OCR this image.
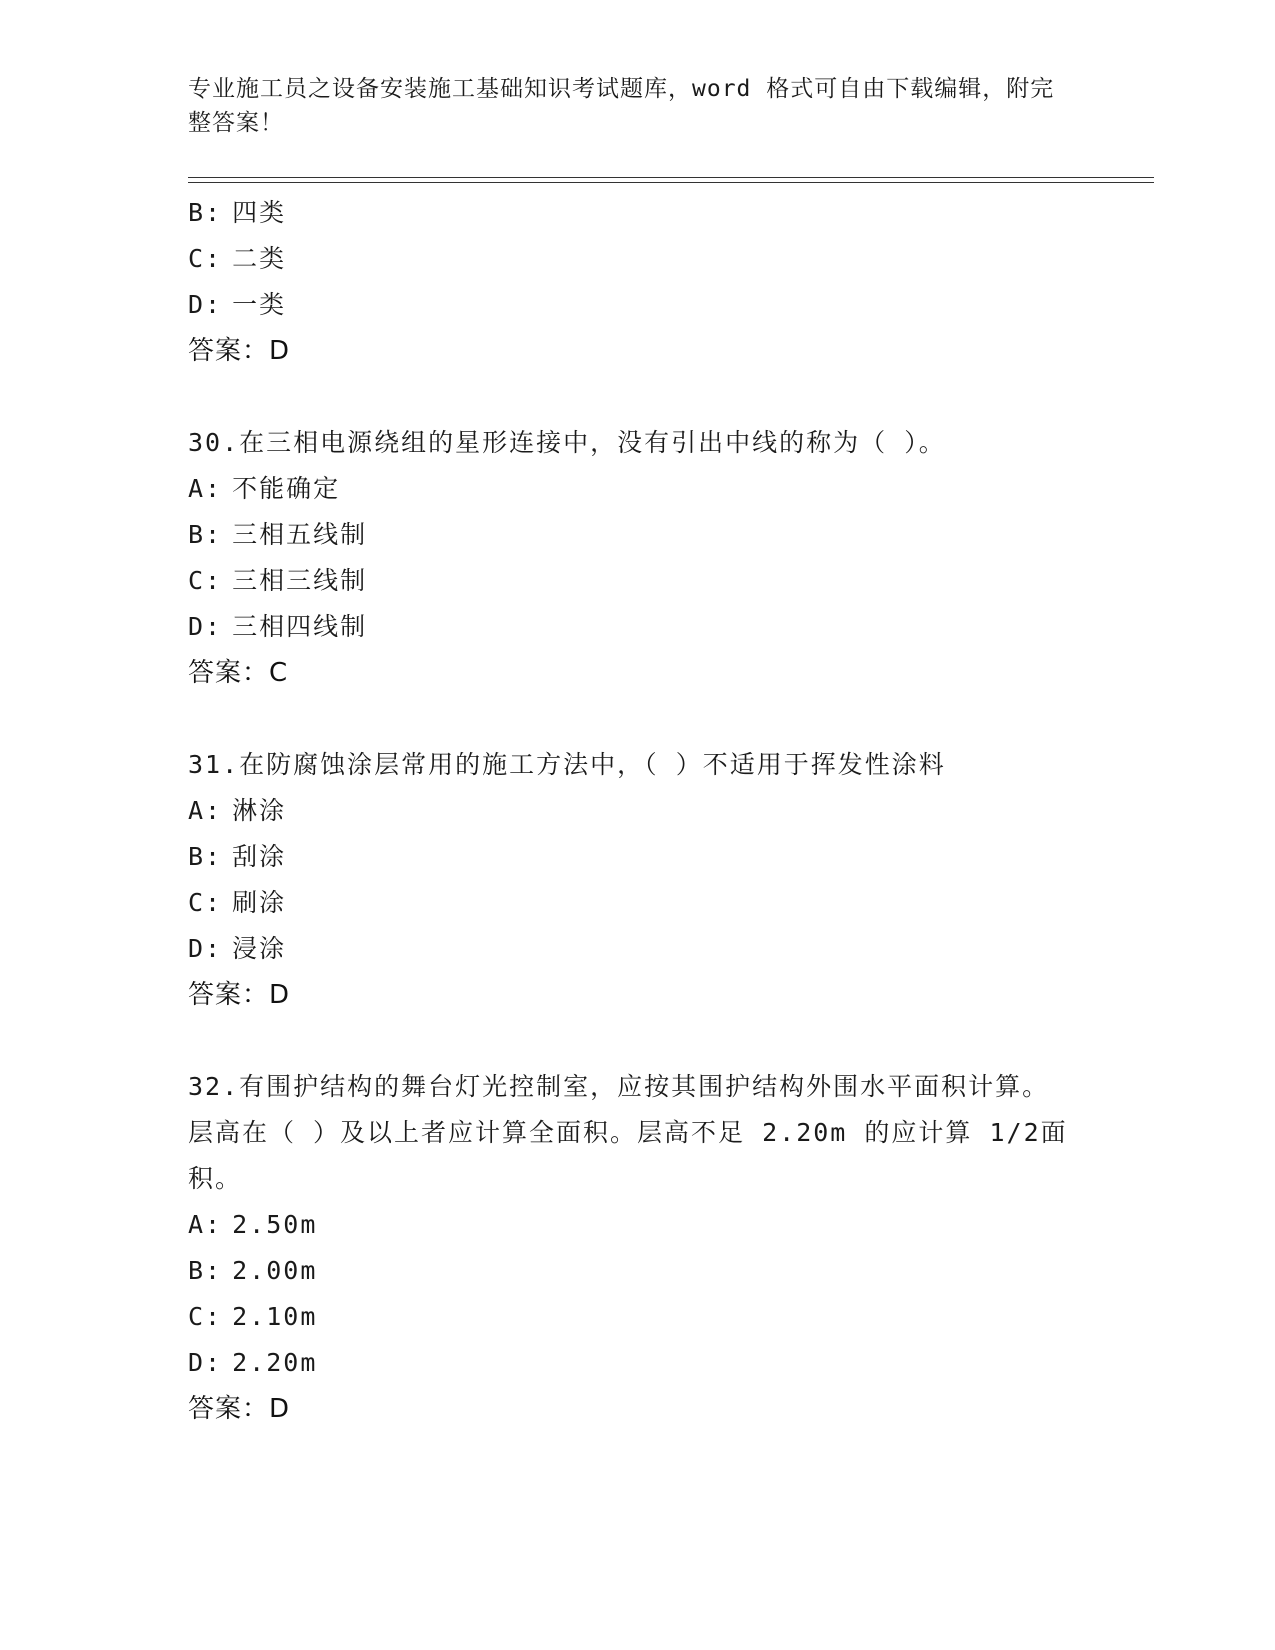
专业施工员之设备安装施工基础知识考试题库，word 格式可自由下载编辑，附完整答案！
B: 四类
C: 二类
D: 一类
答案：D
30.在三相电源绕组的星形连接中，没有引出中线的称为（ ）。
A: 不能确定
B: 三相五线制
C: 三相三线制
D: 三相四线制
答案：C
31.在防腐蚀涂层常用的施工方法中，（ ）不适用于挥发性涂料
A: 淋涂
B: 刮涂
C: 刷涂
D: 浸涂
答案：D
32.有围护结构的舞台灯光控制室，应按其围护结构外围水平面积计算。层高在（ ）及以上者应计算全面积。层高不足 2.20m 的应计算 1/2面积。
A: 2.50m
B: 2.00m
C: 2.10m
D: 2.20m
答案：D
